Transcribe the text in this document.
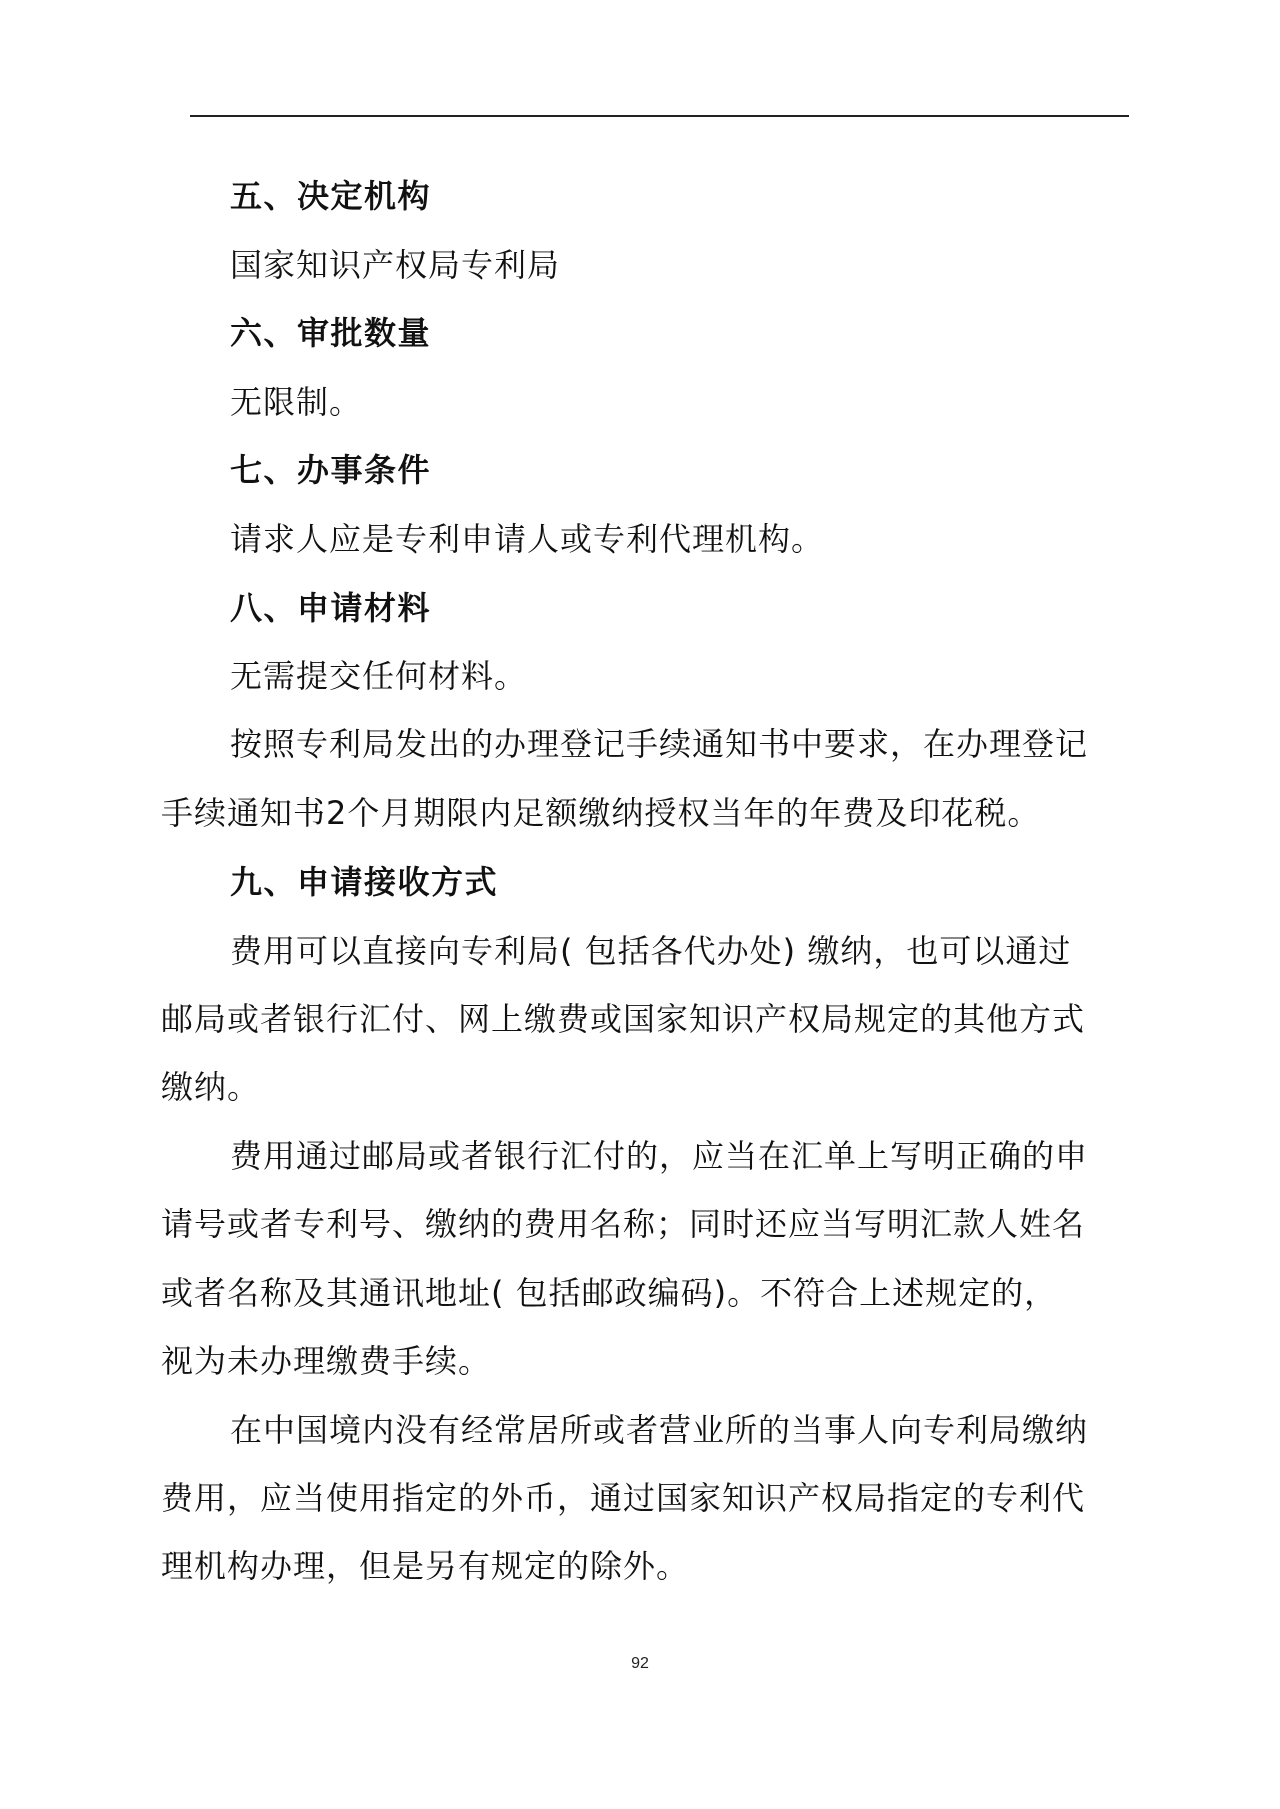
五、决定机构
国家知识产权局专利局
六、审批数量
无限制。
七、办事条件
请求人应是专利申请人或专利代理机构。
八、申请材料
无需提交任何材料。
按照专利局发出的办理登记手续通知书中要求，在办理登记
手续通知书2个月期限内足额缴纳授权当年的年费及印花税。
九、申请接收方式
费用可以直接向专利局( 包括各代办处) 缴纳，也可以通过
邮局或者银行汇付、网上缴费或国家知识产权局规定的其他方式
缴纳。
费用通过邮局或者银行汇付的，应当在汇单上写明正确的申
请号或者专利号、缴纳的费用名称；同时还应当写明汇款人姓名
或者名称及其通讯地址( 包括邮政编码)。不符合上述规定的，
视为未办理缴费手续。
在中国境内没有经常居所或者营业所的当事人向专利局缴纳
费用，应当使用指定的外币，通过国家知识产权局指定的专利代
理机构办理，但是另有规定的除外。
92
